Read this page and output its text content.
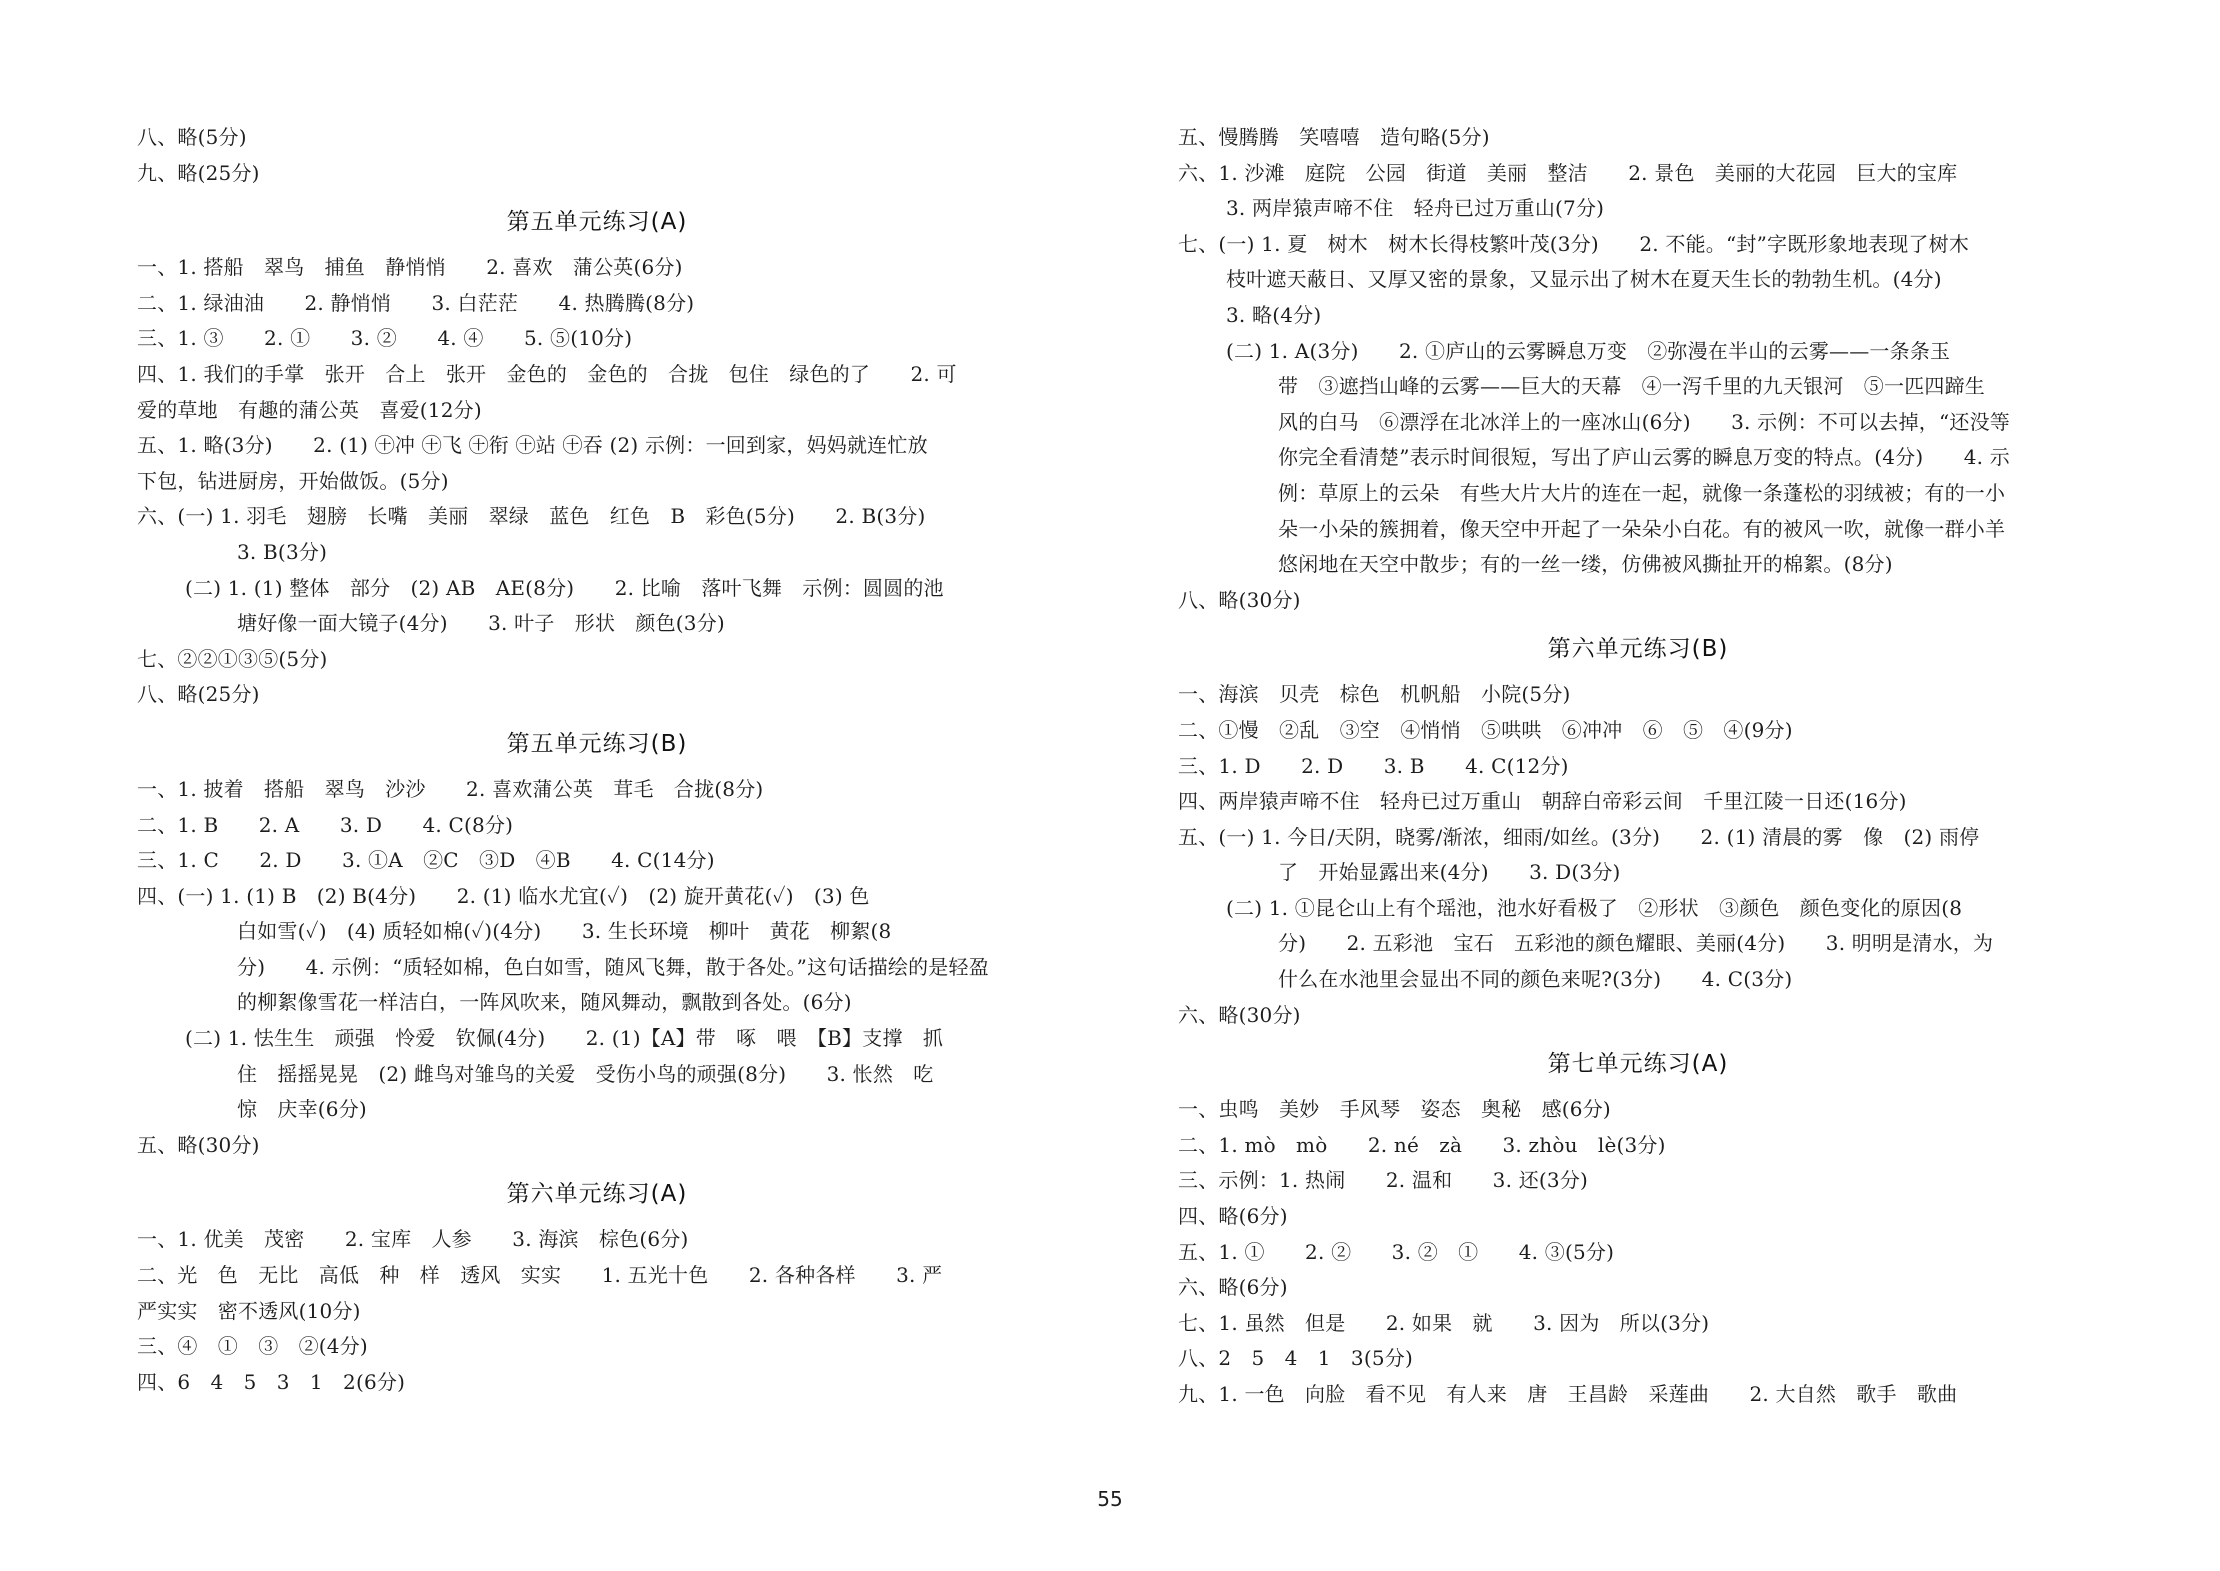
八、略(5分)
九、略(25分)
第五单元练习(A)
一、1. 搭船　翠鸟　捕鱼　静悄悄　　2. 喜欢　蒲公英(6分)
二、1. 绿油油　　2. 静悄悄　　3. 白茫茫　　4. 热腾腾(8分)
三、1. ③　　2. ①　　3. ②　　4. ④　　5. ⑤(10分)
四、1. 我们的手掌　张开　合上　张开　金色的　金色的　合拢　包住　绿色的了　　2. 可
爱的草地　有趣的蒲公英　喜爱(12分)
五、1. 略(3分)　　2. (1) ㊉冲 ㊉飞 ㊉衔 ㊉站 ㊉吞 (2) 示例：一回到家，妈妈就连忙放
下包，钻进厨房，开始做饭。(5分)
六、(一) 1. 羽毛　翅膀　长嘴　美丽　翠绿　蓝色　红色　B　彩色(5分)　　2. B(3分)
3. B(3分)
(二) 1. (1) 整体　部分　(2) AB　AE(8分)　　2. 比喻　落叶飞舞　示例：圆圆的池
塘好像一面大镜子(4分)　　3. 叶子　形状　颜色(3分)
七、②②①③⑤(5分)
八、略(25分)
第五单元练习(B)
一、1. 披着　搭船　翠鸟　沙沙　　2. 喜欢蒲公英　茸毛　合拢(8分)
二、1. B　　2. A　　3. D　　4. C(8分)
三、1. C　　2. D　　3. ①A　②C　③D　④B　　4. C(14分)
四、(一) 1. (1) B　(2) B(4分)　　2. (1) 临水尤宜(✓)　(2) 旋开黄花(✓)　(3) 色
白如雪(✓)　(4) 质轻如棉(✓)(4分)　　3. 生长环境　柳叶　黄花　柳絮(8
分)　　4. 示例：“质轻如棉，色白如雪，随风飞舞，散于各处。”这句话描绘的是轻盈
的柳絮像雪花一样洁白，一阵风吹来，随风舞动，飘散到各处。(6分)
(二) 1. 怯生生　顽强　怜爱　钦佩(4分)　　2. (1)【A】带　啄　喂　【B】支撑　抓
住　摇摇晃晃　(2) 雌鸟对雏鸟的关爱　受伤小鸟的顽强(8分)　　3. 怅然　吃
惊　庆幸(6分)
五、略(30分)
第六单元练习(A)
一、1. 优美　茂密　　2. 宝库　人参　　3. 海滨　棕色(6分)
二、光　色　无比　高低　种　样　透风　实实　　1. 五光十色　　2. 各种各样　　3. 严
严实实　密不透风(10分)
三、④　①　③　②(4分)
四、6　4　5　3　1　2(6分)
五、慢腾腾　笑嘻嘻　造句略(5分)
六、1. 沙滩　庭院　公园　街道　美丽　整洁　　2. 景色　美丽的大花园　巨大的宝库
3. 两岸猿声啼不住　轻舟已过万重山(7分)
七、(一) 1. 夏　树木　树木长得枝繁叶茂(3分)　　2. 不能。“封”字既形象地表现了树木
枝叶遮天蔽日、又厚又密的景象，又显示出了树木在夏天生长的勃勃生机。(4分)
3. 略(4分)
(二) 1. A(3分)　　2. ①庐山的云雾瞬息万变　②弥漫在半山的云雾——一条条玉
带　③遮挡山峰的云雾——巨大的天幕　④一泻千里的九天银河　⑤一匹四蹄生
风的白马　⑥漂浮在北冰洋上的一座冰山(6分)　　3. 示例：不可以去掉，“还没等
你完全看清楚”表示时间很短，写出了庐山云雾的瞬息万变的特点。(4分)　　4. 示
例：草原上的云朵　有些大片大片的连在一起，就像一条蓬松的羽绒被；有的一小
朵一小朵的簇拥着，像天空中开起了一朵朵小白花。有的被风一吹，就像一群小羊
悠闲地在天空中散步；有的一丝一缕，仿佛被风撕扯开的棉絮。(8分)
八、略(30分)
第六单元练习(B)
一、海滨　贝壳　棕色　机帆船　小院(5分)
二、①慢　②乱　③空　④悄悄　⑤哄哄　⑥冲冲　⑥　⑤　④(9分)
三、1. D　　2. D　　3. B　　4. C(12分)
四、两岸猿声啼不住　轻舟已过万重山　朝辞白帝彩云间　千里江陵一日还(16分)
五、(一) 1. 今日/天阴，晓雾/渐浓，细雨/如丝。(3分)　　2. (1) 清晨的雾　像　(2) 雨停
了　开始显露出来(4分)　　3. D(3分)
(二) 1. ①昆仑山上有个瑶池，池水好看极了　②形状　③颜色　颜色变化的原因(8
分)　　2. 五彩池　宝石　五彩池的颜色耀眼、美丽(4分)　　3. 明明是清水，为
什么在水池里会显出不同的颜色来呢?(3分)　　4. C(3分)
六、略(30分)
第七单元练习(A)
一、虫鸣　美妙　手风琴　姿态　奥秘　感(6分)
二、1. mò　mò　　2. né　zà　　3. zhòu　lè(3分)
三、示例：1. 热闹　　2. 温和　　3. 还(3分)
四、略(6分)
五、1. ①　　2. ②　　3. ②　①　　4. ③(5分)
六、略(6分)
七、1. 虽然　但是　　2. 如果　就　　3. 因为　所以(3分)
八、2　5　4　1　3(5分)
九、1. 一色　向脸　看不见　有人来　唐　王昌龄　采莲曲　　2. 大自然　歌手　歌曲
55
